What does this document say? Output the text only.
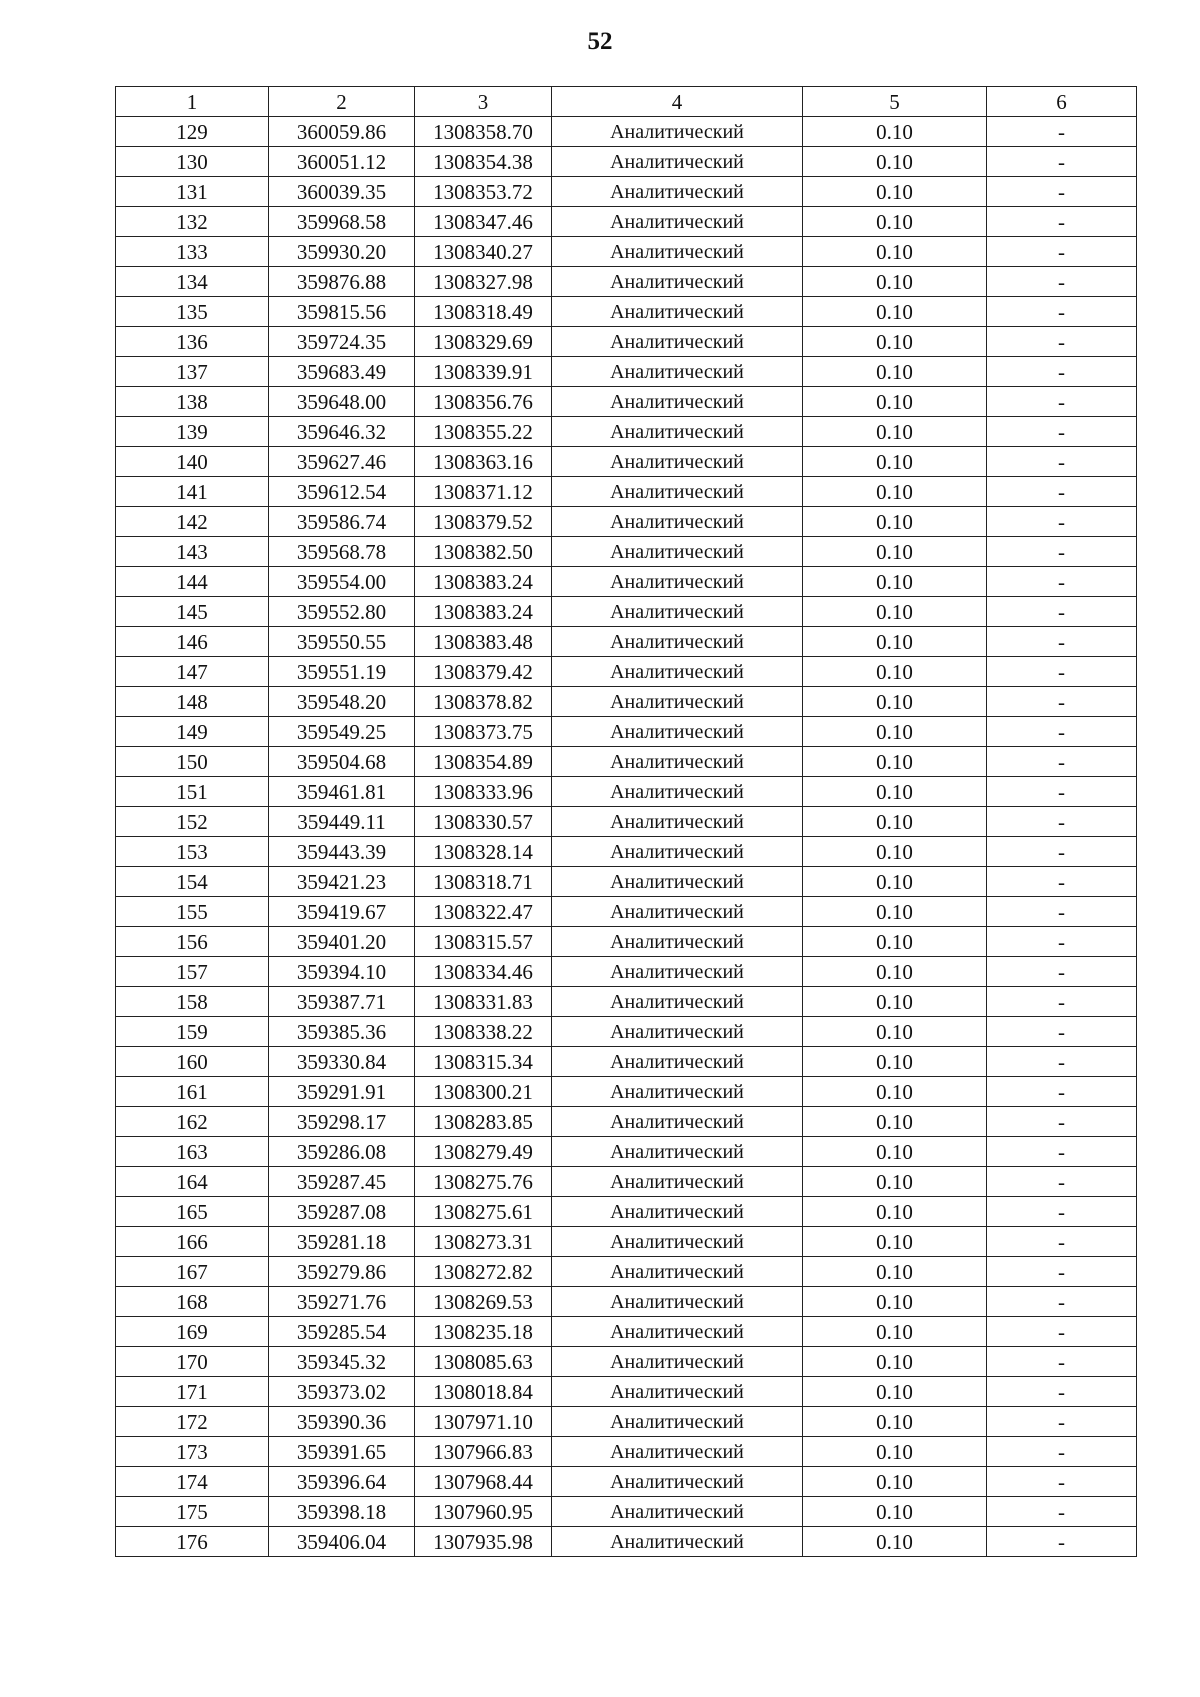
52
1	2	3	4	5	6
129	360059.86	1308358.70	Аналитический	0.10	-
130	360051.12	1308354.38	Аналитический	0.10	-
131	360039.35	1308353.72	Аналитический	0.10	-
132	359968.58	1308347.46	Аналитический	0.10	-
133	359930.20	1308340.27	Аналитический	0.10	-
134	359876.88	1308327.98	Аналитический	0.10	-
135	359815.56	1308318.49	Аналитический	0.10	-
136	359724.35	1308329.69	Аналитический	0.10	-
137	359683.49	1308339.91	Аналитический	0.10	-
138	359648.00	1308356.76	Аналитический	0.10	-
139	359646.32	1308355.22	Аналитический	0.10	-
140	359627.46	1308363.16	Аналитический	0.10	-
141	359612.54	1308371.12	Аналитический	0.10	-
142	359586.74	1308379.52	Аналитический	0.10	-
143	359568.78	1308382.50	Аналитический	0.10	-
144	359554.00	1308383.24	Аналитический	0.10	-
145	359552.80	1308383.24	Аналитический	0.10	-
146	359550.55	1308383.48	Аналитический	0.10	-
147	359551.19	1308379.42	Аналитический	0.10	-
148	359548.20	1308378.82	Аналитический	0.10	-
149	359549.25	1308373.75	Аналитический	0.10	-
150	359504.68	1308354.89	Аналитический	0.10	-
151	359461.81	1308333.96	Аналитический	0.10	-
152	359449.11	1308330.57	Аналитический	0.10	-
153	359443.39	1308328.14	Аналитический	0.10	-
154	359421.23	1308318.71	Аналитический	0.10	-
155	359419.67	1308322.47	Аналитический	0.10	-
156	359401.20	1308315.57	Аналитический	0.10	-
157	359394.10	1308334.46	Аналитический	0.10	-
158	359387.71	1308331.83	Аналитический	0.10	-
159	359385.36	1308338.22	Аналитический	0.10	-
160	359330.84	1308315.34	Аналитический	0.10	-
161	359291.91	1308300.21	Аналитический	0.10	-
162	359298.17	1308283.85	Аналитический	0.10	-
163	359286.08	1308279.49	Аналитический	0.10	-
164	359287.45	1308275.76	Аналитический	0.10	-
165	359287.08	1308275.61	Аналитический	0.10	-
166	359281.18	1308273.31	Аналитический	0.10	-
167	359279.86	1308272.82	Аналитический	0.10	-
168	359271.76	1308269.53	Аналитический	0.10	-
169	359285.54	1308235.18	Аналитический	0.10	-
170	359345.32	1308085.63	Аналитический	0.10	-
171	359373.02	1308018.84	Аналитический	0.10	-
172	359390.36	1307971.10	Аналитический	0.10	-
173	359391.65	1307966.83	Аналитический	0.10	-
174	359396.64	1307968.44	Аналитический	0.10	-
175	359398.18	1307960.95	Аналитический	0.10	-
176	359406.04	1307935.98	Аналитический	0.10	-
